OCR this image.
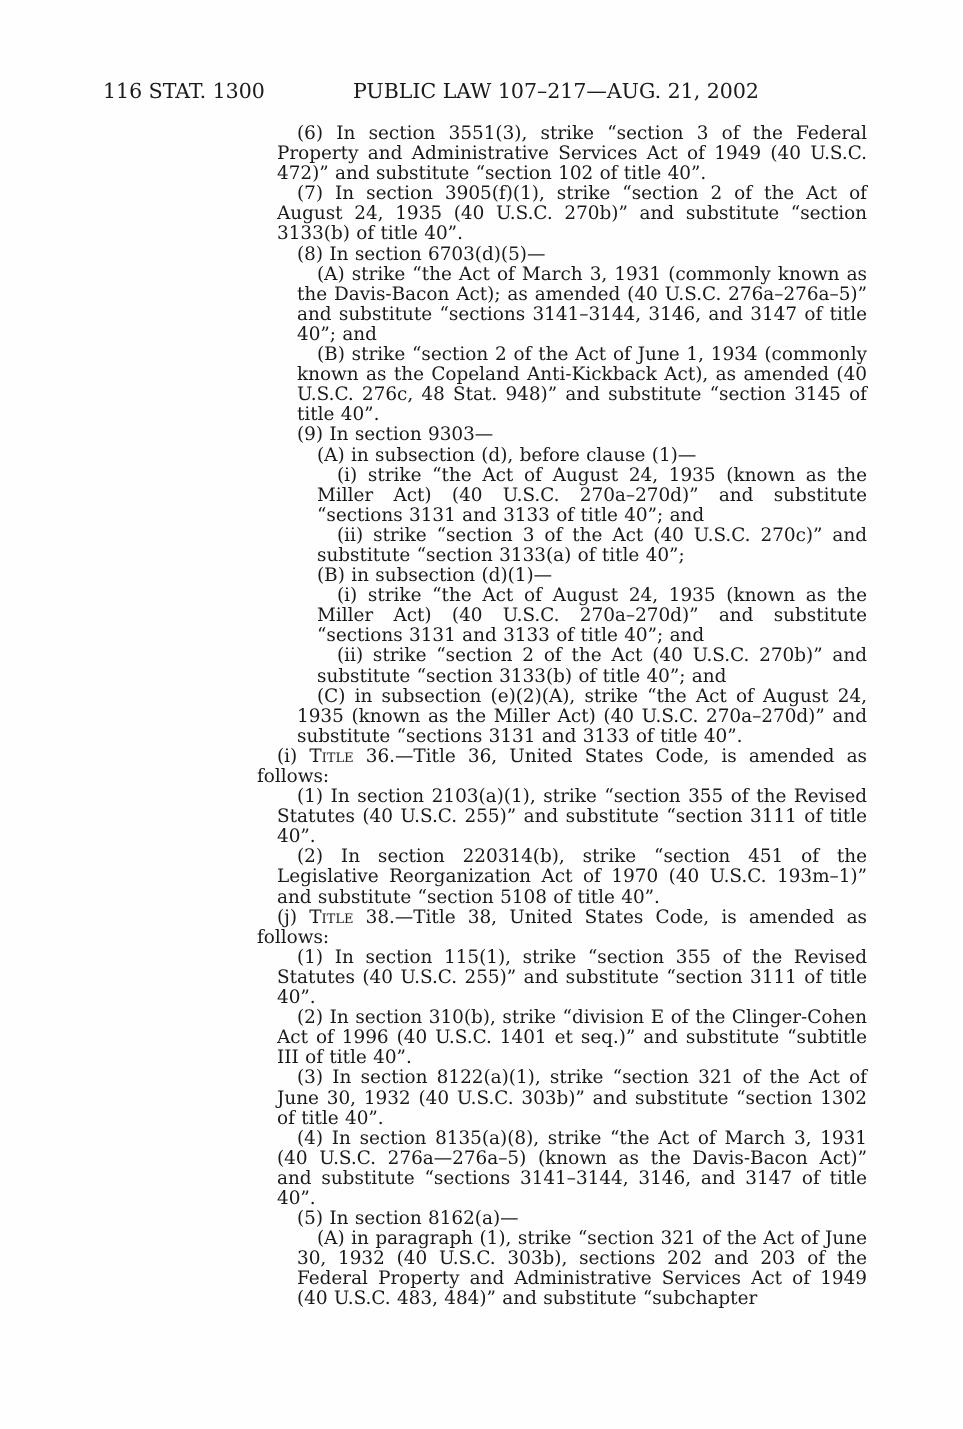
116 STAT. 1300	PUBLIC LAW 107–217—AUG. 21, 2002

(6) In section 3551(3), strike “section 3 of the Federal Property and Administrative Services Act of 1949 (40 U.S.C. 472)” and substitute “section 102 of title 40”.

(7) In section 3905(f)(1), strike “section 2 of the Act of August 24, 1935 (40 U.S.C. 270b)” and substitute “section 3133(b) of title 40”.

(8) In section 6703(d)(5)—

(A) strike “the Act of March 3, 1931 (commonly known as the Davis-Bacon Act); as amended (40 U.S.C. 276a–276a–5)” and substitute “sections 3141–3144, 3146, and 3147 of title 40”; and

(B) strike “section 2 of the Act of June 1, 1934 (commonly known as the Copeland Anti-Kickback Act), as amended (40 U.S.C. 276c, 48 Stat. 948)” and substitute “section 3145 of title 40”.

(9) In section 9303—

(A) in subsection (d), before clause (1)—

(i) strike “the Act of August 24, 1935 (known as the Miller Act) (40 U.S.C. 270a–270d)” and substitute “sections 3131 and 3133 of title 40”; and

(ii) strike “section 3 of the Act (40 U.S.C. 270c)” and substitute “section 3133(a) of title 40”;

(B) in subsection (d)(1)—

(i) strike “the Act of August 24, 1935 (known as the Miller Act) (40 U.S.C. 270a–270d)” and substitute “sections 3131 and 3133 of title 40”; and

(ii) strike “section 2 of the Act (40 U.S.C. 270b)” and substitute “section 3133(b) of title 40”; and

(C) in subsection (e)(2)(A), strike “the Act of August 24, 1935 (known as the Miller Act) (40 U.S.C. 270a–270d)” and substitute “sections 3131 and 3133 of title 40”.

(i) Title 36.—Title 36, United States Code, is amended as follows:

(1) In section 2103(a)(1), strike “section 355 of the Revised Statutes (40 U.S.C. 255)” and substitute “section 3111 of title 40”.

(2) In section 220314(b), strike “section 451 of the Legislative Reorganization Act of 1970 (40 U.S.C. 193m–1)” and substitute “section 5108 of title 40”.

(j) Title 38.—Title 38, United States Code, is amended as follows:

(1) In section 115(1), strike “section 355 of the Revised Statutes (40 U.S.C. 255)” and substitute “section 3111 of title 40”.

(2) In section 310(b), strike “division E of the Clinger-Cohen Act of 1996 (40 U.S.C. 1401 et seq.)” and substitute “subtitle III of title 40”.

(3) In section 8122(a)(1), strike “section 321 of the Act of June 30, 1932 (40 U.S.C. 303b)” and substitute “section 1302 of title 40”.

(4) In section 8135(a)(8), strike “the Act of March 3, 1931 (40 U.S.C. 276a—276a–5) (known as the Davis-Bacon Act)” and substitute “sections 3141–3144, 3146, and 3147 of title 40”.

(5) In section 8162(a)—

(A) in paragraph (1), strike “section 321 of the Act of June 30, 1932 (40 U.S.C. 303b), sections 202 and 203 of the Federal Property and Administrative Services Act of 1949 (40 U.S.C. 483, 484)” and substitute “subchapter
